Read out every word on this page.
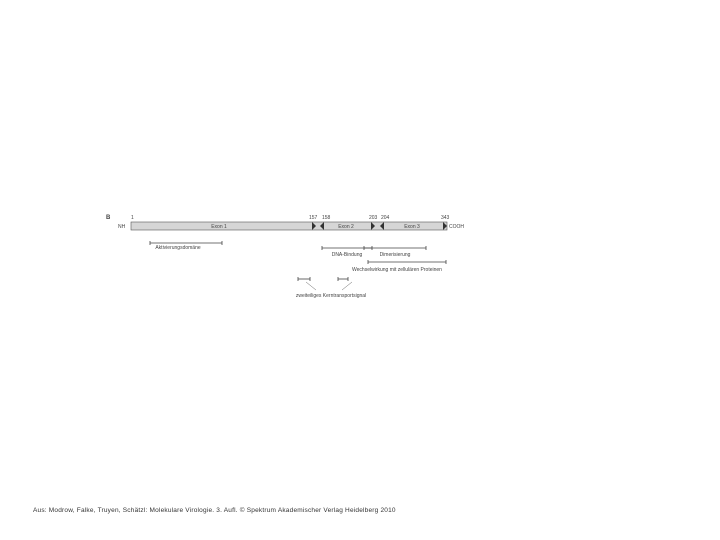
B	1	157 158	203 204	343
NH	COOH
Exon 1	Exon 2	Exon 3
Aktivierungsdomäne
DNA-Bindung	Dimerisierung
Wechselwirkung mit zellulären Proteinen
zweiteiliges Kerntransportsignal
Aus: Modrow, Falke, Truyen, Schätzl: Molekulare Virologie. 3. Aufl. © Spektrum Akademischer Verlag Heidelberg 2010
